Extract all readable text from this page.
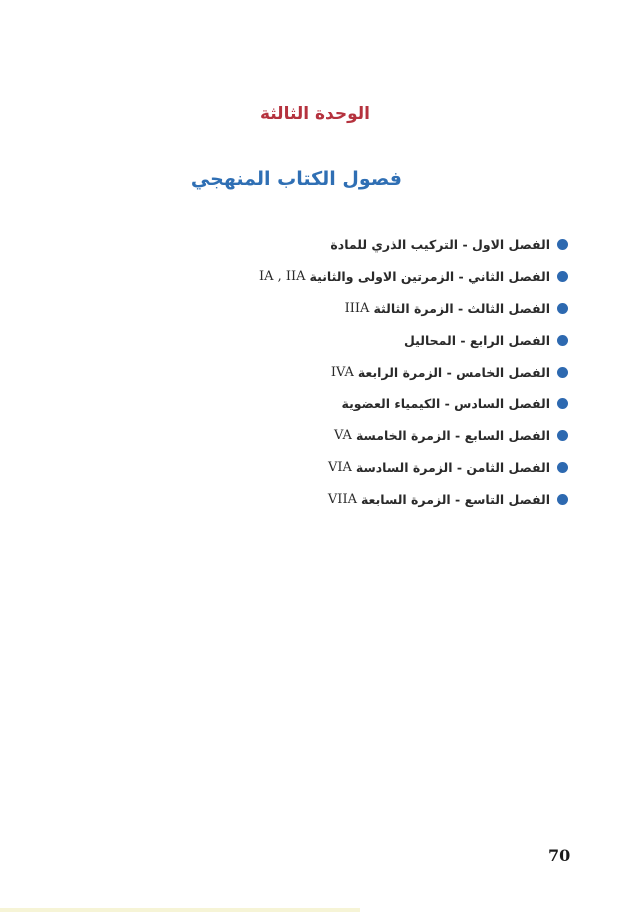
الوحدة الثالثة
فصول الكتاب المنهجي
الفصل الاول - التركيب الذري للمادة
الفصل الثاني - الزمرتين الاولى والثانية
IA , IIA
الفصل الثالث - الزمرة الثالثة
IIIA
الفصل الرابع - المحاليل
الفصل الخامس - الزمرة الرابعة
IVA
الفصل السادس - الكيمياء العضوية
الفصل السابع - الزمرة الخامسة
VA
الفصل الثامن - الزمرة السادسة
VIA
الفصل التاسع - الزمرة السابعة
VIIA

70
